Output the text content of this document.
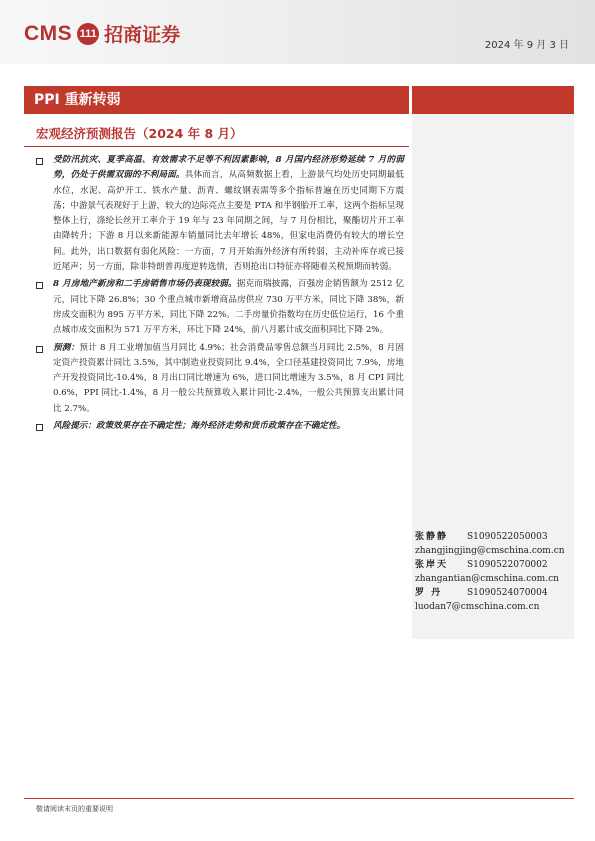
CMS 111 招商证券	2024 年 9 月 3 日
PPI 重新转弱
宏观经济预测报告（2024 年 8 月）
受防汛抗灾、夏季高温、有效需求不足等不利因素影响，8 月国内经济形势延续 7 月的弱势，仍处于供需双弱的不利局面。具体而言，从高频数据上看，上游景气均处历史同期最低水位，水泥、高炉开工、铁水产量、沥青、螺纹钢表需等多个指标普遍在历史同期下方震荡；中游景气表现好于上游，较大的边际亮点主要是 PTA 和半钢胎开工率，这两个指标呈现整体上行，涤纶长丝开工率介于 19 年与 23 年同期之间，与 7 月份相比，聚酯切片开工率由降转升；下游 8 月以来新能源车销量同比去年增长 48%，但家电消费仍有较大的增长空间。此外，出口数据有弱化风险：一方面，7 月开始海外经济有所转弱，主动补库存或已接近尾声；另一方面，除非特朗普再度逆转选情，否则抢出口特征亦将随着关税预期而转弱。
8 月房地产新房和二手房销售市场仍表现较弱。据克而瑞披露，百强房企销售额为 2512 亿元，同比下降 26.8%；30 个重点城市新增商品房供应 730 万平方米，同比下降 38%，新房成交面积为 895 万平方米，同比下降 22%。二手房量价指数均在历史低位运行，16 个重点城市成交面积为 571 万平方米，环比下降 24%，前八月累计成交面积同比下降 2%。
预测：预计 8 月工业增加值当月同比 4.9%；社会消费品零售总额当月同比 2.5%，8 月固定资产投资累计同比 3.5%，其中制造业投资同比 9.4%，全口径基建投资同比 7.9%，房地产开发投资同比-10.4%，8 月出口同比增速为 6%，进口同比增速为 3.5%，8 月 CPI 同比 0.6%，PPI 同比-1.4%，8 月一般公共预算收入累计同比-2.4%，一般公共预算支出累计同比 2.7%。
风险提示：政策效果存在不确定性；海外经济走势和货币政策存在不确定性。
张静静	S1090522050003
zhangjingjing@cmschina.com.cn
张岸天	S1090522070002
zhangantian@cmschina.com.cn
罗 丹	S1090524070004
luodan7@cmschina.com.cn
敬请阅读末页的重要说明
